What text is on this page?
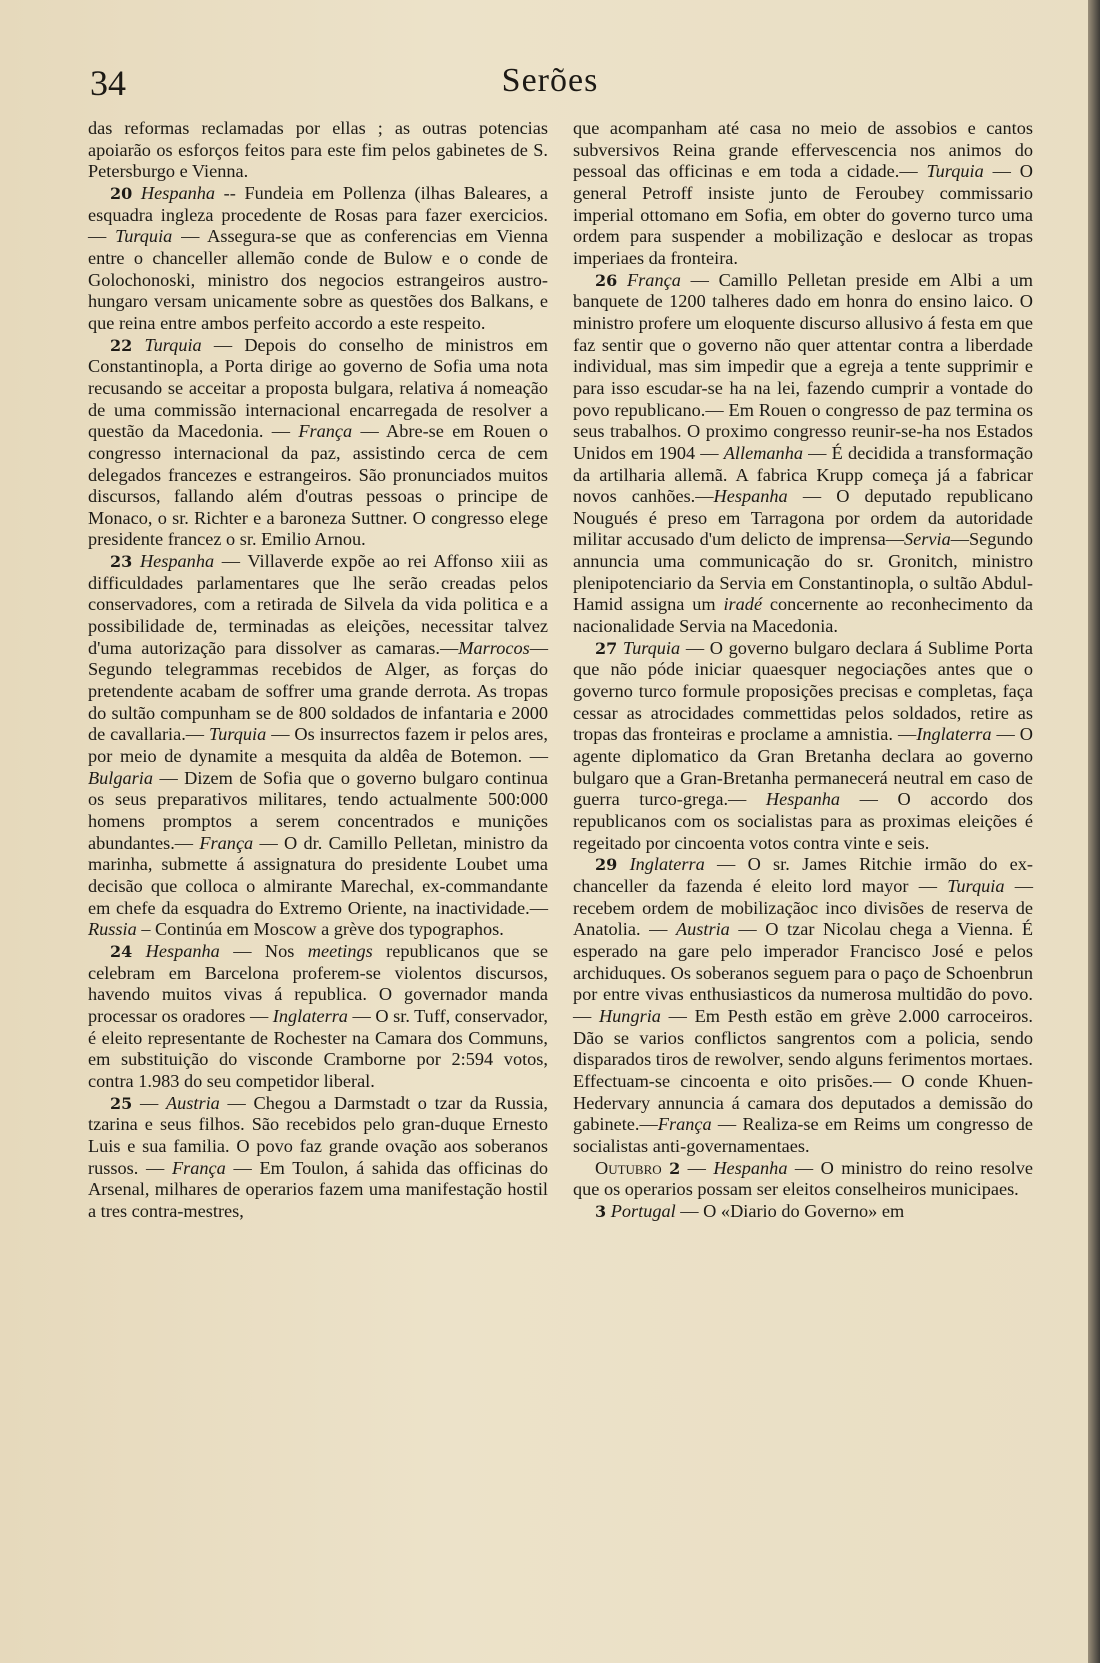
34	Serões

das reformas reclamadas por ellas ; as outras potencias apoiarão os esforços feitos para este fim pelos gabinetes de S. Petersburgo e Vienna.

20 Hespanha -- Fundeia em Pollenza (ilhas Baleares, a esquadra ingleza procedente de Rosas para fazer exercicios. — Turquia — Assegura-se que as conferencias em Vienna entre o chanceller allemão conde de Bulow e o conde de Golochonoski, ministro dos negocios estrangeiros austro-hungaro versam unicamente sobre as questões dos Balkans, e que reina entre ambos perfeito accordo a este respeito.

22 Turquia — Depois do conselho de ministros em Constantinopla, a Porta dirige ao governo de Sofia uma nota recusando se acceitar a proposta bulgara, relativa á nomeação de uma commissão internacional encarregada de resolver a questão da Macedonia. — França — Abre-se em Rouen o congresso internacional da paz, assistindo cerca de cem delegados francezes e estrangeiros. São pronunciados muitos discursos, fallando além d'outras pessoas o principe de Monaco, o sr. Richter e a baroneza Suttner. O congresso elege presidente francez o sr. Emilio Arnou.

23 Hespanha — Villaverde expõe ao rei Affonso xiii as difficuldades parlamentares que lhe serão creadas pelos conservadores, com a retirada de Silvela da vida politica e a possibilidade de, terminadas as eleições, necessitar talvez d'uma autorização para dissolver as camaras.—Marrocos—Segundo telegrammas recebidos de Alger, as forças do pretendente acabam de soffrer uma grande derrota. As tropas do sultão compunham se de 800 soldados de infantaria e 2000 de cavallaria.— Turquia — Os insurrectos fazem ir pelos ares, por meio de dynamite a mesquita da aldêa de Botemon. — Bulgaria — Dizem de Sofia que o governo bulgaro continua os seus preparativos militares, tendo actualmente 500:000 homens promptos a serem concentrados e munições abundantes.— França — O dr. Camillo Pelletan, ministro da marinha, submette á assignatura do presidente Loubet uma decisão que colloca o almirante Marechal, ex-commandante em chefe da esquadra do Extremo Oriente, na inactividade.— Russia – Continúa em Moscow a grève dos typographos.

24 Hespanha — Nos meetings republicanos que se celebram em Barcelona proferem-se violentos discursos, havendo muitos vivas á republica. O governador manda processar os oradores — Inglaterra — O sr. Tuff, conservador, é eleito representante de Rochester na Camara dos Communs, em substituição do visconde Cramborne por 2:594 votos, contra 1.983 do seu competidor liberal.

25 — Austria — Chegou a Darmstadt o tzar da Russia, tzarina e seus filhos. São recebidos pelo gran-duque Ernesto Luis e sua familia. O povo faz grande ovação aos soberanos russos. — França — Em Toulon, á sahida das officinas do Arsenal, milhares de operarios fazem uma manifestação hostil a tres contra-mestres,

que acompanham até casa no meio de assobios e cantos subversivos Reina grande effervescencia nos animos do pessoal das officinas e em toda a cidade.— Turquia — O general Petroff insiste junto de Feroubey commissario imperial ottomano em Sofia, em obter do governo turco uma ordem para suspender a mobilização e deslocar as tropas imperiaes da fronteira.

26 França — Camillo Pelletan preside em Albi a um banquete de 1200 talheres dado em honra do ensino laico. O ministro profere um eloquente discurso allusivo á festa em que faz sentir que o governo não quer attentar contra a liberdade individual, mas sim impedir que a egreja a tente supprimir e para isso escudar-se ha na lei, fazendo cumprir a vontade do povo republicano.— Em Rouen o congresso de paz termina os seus trabalhos. O proximo congresso reunir-se-ha nos Estados Unidos em 1904 — Allemanha — É decidida a transformação da artilharia allemã. A fabrica Krupp começa já a fabricar novos canhões.—Hespanha — O deputado republicano Nougués é preso em Tarragona por ordem da autoridade militar accusado d'um delicto de imprensa—Servia—Segundo annuncia uma communicação do sr. Gronitch, ministro plenipotenciario da Servia em Constantinopla, o sultão Abdul-Hamid assigna um iradé concernente ao reconhecimento da nacionalidade Servia na Macedonia.

27 Turquia — O governo bulgaro declara á Sublime Porta que não póde iniciar quaesquer negociações antes que o governo turco formule proposições precisas e completas, faça cessar as atrocidades commettidas pelos soldados, retire as tropas das fronteiras e proclame a amnistia. —Inglaterra — O agente diplomatico da Gran Bretanha declara ao governo bulgaro que a Gran-Bretanha permanecerá neutral em caso de guerra turco-grega.— Hespanha — O accordo dos republicanos com os socialistas para as proximas eleições é regeitado por cincoenta votos contra vinte e seis.

29 Inglaterra — O sr. James Ritchie irmão do ex-chanceller da fazenda é eleito lord mayor — Turquia — recebem ordem de mobilizaçãoc inco divisões de reserva de Anatolia. — Austria — O tzar Nicolau chega a Vienna. É esperado na gare pelo imperador Francisco José e pelos archiduques. Os soberanos seguem para o paço de Schoenbrun por entre vivas enthusiasticos da numerosa multidão do povo.— Hungria — Em Pesth estão em grève 2.000 carroceiros. Dão se varios conflictos sangrentos com a policia, sendo disparados tiros de rewolver, sendo alguns ferimentos mortaes. Effectuam-se cincoenta e oito prisões.— O conde Khuen-Hedervary annuncia á camara dos deputados a demissão do gabinete.—França — Realiza-se em Reims um congresso de socialistas anti-governamentaes.

Outubro 2 — Hespanha — O ministro do reino resolve que os operarios possam ser eleitos conselheiros municipaes.

3 Portugal — O «Diario do Governo» em
